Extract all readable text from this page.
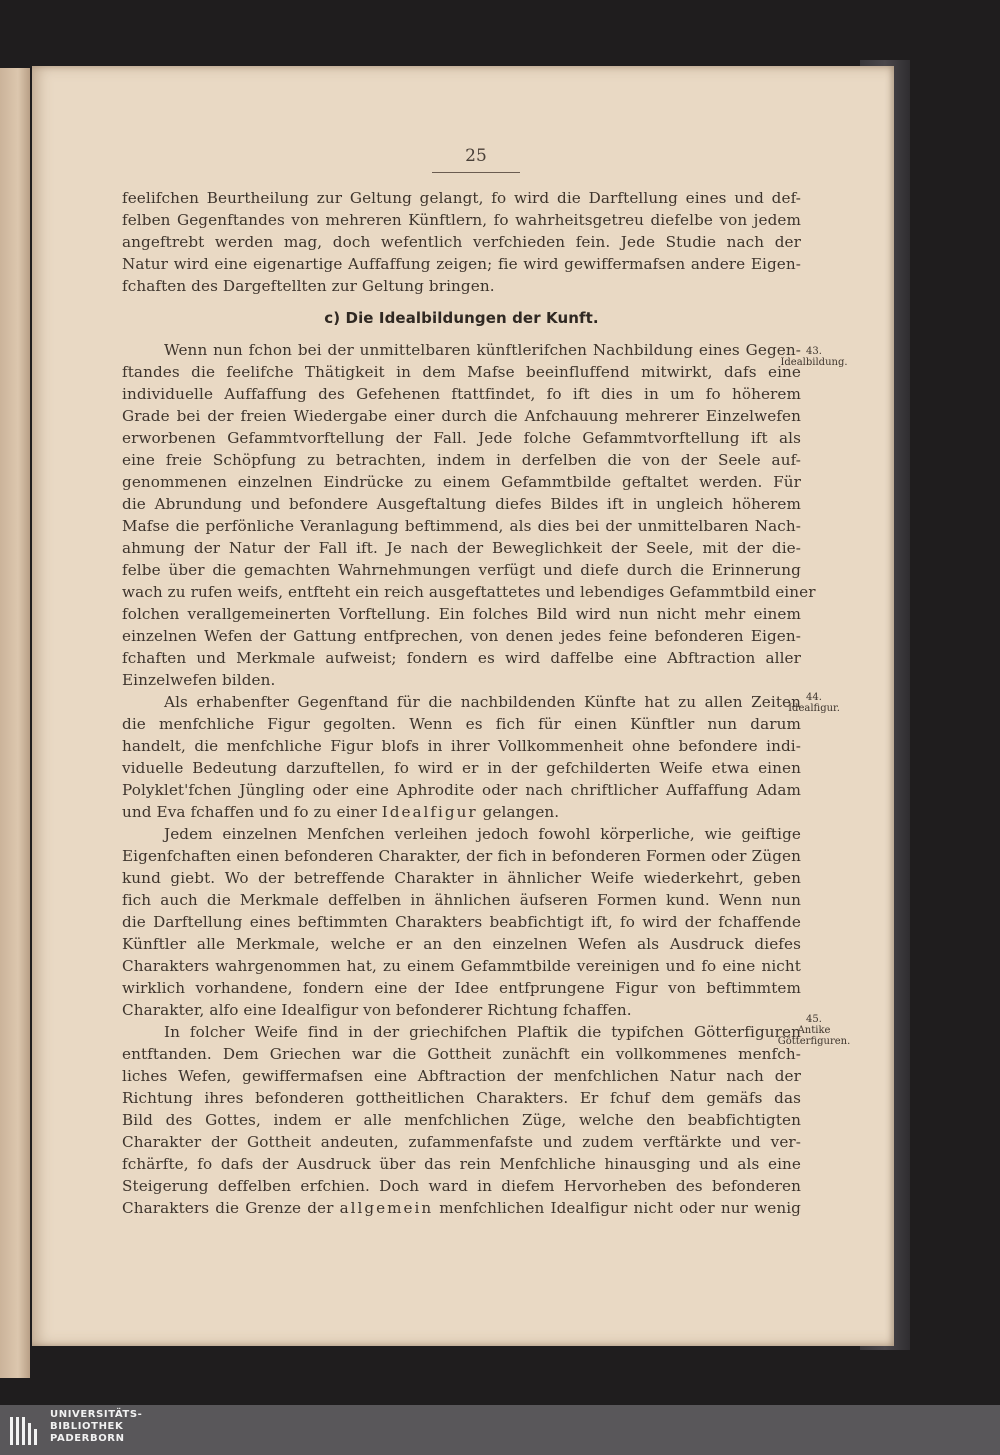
25
feelifchen Beurtheilung zur Geltung gelangt, fo wird die Darftellung eines und def-
felben Gegenftandes von mehreren Künftlern, fo wahrheitsgetreu diefelbe von jedem
angeftrebt werden mag, doch wefentlich verfchieden fein. Jede Studie nach der
Natur wird eine eigenartige Auffaffung zeigen; fie wird gewiffermafsen andere Eigen-
fchaften des Dargeftellten zur Geltung bringen.
c) Die Idealbildungen der Kunft.
Wenn nun fchon bei der unmittelbaren künftlerifchen Nachbildung eines Gegen-
ftandes die feelifche Thätigkeit in dem Mafse beeinfluffend mitwirkt, dafs eine
individuelle Auffaffung des Gefehenen ftattfindet, fo ift dies in um fo höherem
Grade bei der freien Wiedergabe einer durch die Anfchauung mehrerer Einzelwefen
erworbenen Gefammtvorftellung der Fall. Jede folche Gefammtvorftellung ift als
eine freie Schöpfung zu betrachten, indem in derfelben die von der Seele auf-
genommenen einzelnen Eindrücke zu einem Gefammtbilde geftaltet werden. Für
die Abrundung und befondere Ausgeftaltung diefes Bildes ift in ungleich höherem
Mafse die perfönliche Veranlagung beftimmend, als dies bei der unmittelbaren Nach-
ahmung der Natur der Fall ift. Je nach der Beweglichkeit der Seele, mit der die-
felbe über die gemachten Wahrnehmungen verfügt und diefe durch die Erinnerung
wach zu rufen weifs, entfteht ein reich ausgeftattetes und lebendiges Gefammtbild einer
folchen verallgemeinerten Vorftellung. Ein folches Bild wird nun nicht mehr einem
einzelnen Wefen der Gattung entfprechen, von denen jedes feine befonderen Eigen-
fchaften und Merkmale aufweist; fondern es wird daffelbe eine Abftraction aller
Einzelwefen bilden.
Als erhabenfter Gegenftand für die nachbildenden Künfte hat zu allen Zeiten
die menfchliche Figur gegolten. Wenn es fich für einen Künftler nun darum
handelt, die menfchliche Figur blofs in ihrer Vollkommenheit ohne befondere indi-
viduelle Bedeutung darzuftellen, fo wird er in der gefchilderten Weife etwa einen
Polyklet'fchen Jüngling oder eine Aphrodite oder nach chriftlicher Auffaffung Adam
und Eva fchaffen und fo zu einer Idealfigur gelangen.
Jedem einzelnen Menfchen verleihen jedoch fowohl körperliche, wie geiftige
Eigenfchaften einen befonderen Charakter, der fich in befonderen Formen oder Zügen
kund giebt. Wo der betreffende Charakter in ähnlicher Weife wiederkehrt, geben
fich auch die Merkmale deffelben in ähnlichen äufseren Formen kund. Wenn nun
die Darftellung eines beftimmten Charakters beabfichtigt ift, fo wird der fchaffende
Künftler alle Merkmale, welche er an den einzelnen Wefen als Ausdruck diefes
Charakters wahrgenommen hat, zu einem Gefammtbilde vereinigen und fo eine nicht
wirklich vorhandene, fondern eine der Idee entfprungene Figur von beftimmtem
Charakter, alfo eine Idealfigur von befonderer Richtung fchaffen.
In folcher Weife find in der griechifchen Plaftik die typifchen Götterfiguren
entftanden. Dem Griechen war die Gottheit zunächft ein vollkommenes menfch-
liches Wefen, gewiffermafsen eine Abftraction der menfchlichen Natur nach der
Richtung ihres befonderen gottheitlichen Charakters. Er fchuf dem gemäfs das
Bild des Gottes, indem er alle menfchlichen Züge, welche den beabfichtigten
Charakter der Gottheit andeuten, zufammenfafste und zudem verftärkte und ver-
fchärfte, fo dafs der Ausdruck über das rein Menfchliche hinausging und als eine
Steigerung deffelben erfchien. Doch ward in diefem Hervorheben des befonderen
Charakters die Grenze der allgemein menfchlichen Idealfigur nicht oder nur wenig
43.
Idealbildung.
44.
Idealfigur.
45.
Antike
Götterfiguren.
UNIVERSITÄTS-
BIBLIOTHEK
PADERBORN
